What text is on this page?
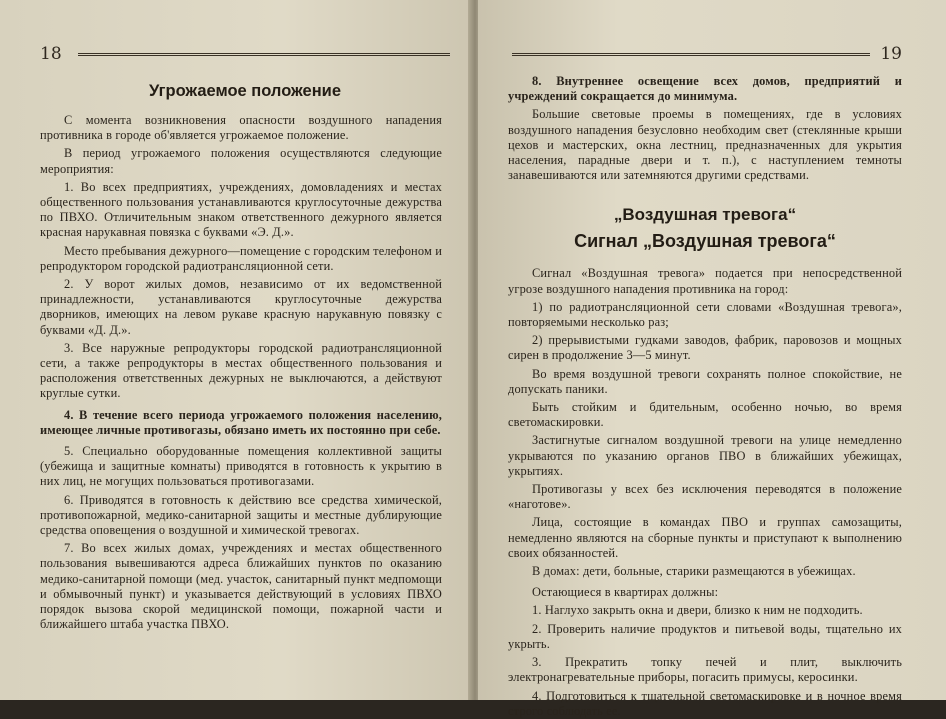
18
Угрожаемое положение

С момента возникновения опасности воздушного нападения противника в городе об'является угрожаемое положение.

В период угрожаемого положения осуществляются следующие мероприятия:

1. Во всех предприятиях, учреждениях, домовладениях и местах общественного пользования устанавливаются круглосуточные дежурства по ПВХО. Отличительным знаком ответственного дежурного является красная нарукавная повязка с буквами «Э. Д.».

Место пребывания дежурного—помещение с городским телефоном и репродуктором городской радиотрансляционной сети.

2. У ворот жилых домов, независимо от их ведомственной принадлежности, устанавливаются круглосуточные дежурства дворников, имеющих на левом рукаве красную нарукавную повязку с буквами «Д. Д.».

3. Все наружные репродукторы городской радиотрансляционной сети, а также репродукторы в местах общественного пользования и расположения ответственных дежурных не выключаются, а действуют круглые сутки.

4. В течение всего периода угрожаемого положения населению, имеющее личные противогазы, обязано иметь их постоянно при себе.

5. Специально оборудованные помещения коллективной защиты (убежища и защитные комнаты) приводятся в готовность к укрытию в них лиц, не могущих пользоваться противогазами.

6. Приводятся в готовность к действию все средства химической, противопожарной, медико-санитарной защиты и местные дублирующие средства оповещения о воздушной и химической тревогах.

7. Во всех жилых домах, учреждениях и местах общественного пользования вывешиваются адреса ближайших пунктов по оказанию медико-санитарной помощи (мед. участок, санитарный пункт медпомощи и обмывочный пункт) и указывается действующий в условиях ПВХО порядок вызова скорой медицинской помощи, пожарной части и ближайшего штаба участка ПВХО.

19

8. Внутреннее освещение всех домов, предприятий и учреждений сокращается до минимума.

Большие световые проемы в помещениях, где в условиях воздушного нападения безусловно необходим свет (стеклянные крыши цехов и мастерских, окна лестниц, предназначенных для укрытия населения, парадные двери и т. п.), с наступлением темноты занавешиваются или затемняются другими средствами.

„Воздушная тревога“
Сигнал „Воздушная тревога“

Сигнал «Воздушная тревога» подается при непосредственной угрозе воздушного нападения противника на город:

1) по радиотрансляционной сети словами «Воздушная тревога», повторяемыми несколько раз;

2) прерывистыми гудками заводов, фабрик, паровозов и мощных сирен в продолжение 3—5 минут.

Во время воздушной тревоги сохранять полное спокойствие, не допускать паники.

Быть стойким и бдительным, особенно ночью, во время светомаскировки.

Застигнутые сигналом воздушной тревоги на улице немедленно укрываются по указанию органов ПВО в ближайших убежищах, укрытиях.

Противогазы у всех без исключения переводятся в положение «наготове».

Лица, состоящие в командах ПВО и группах самозащиты, немедленно являются на сборные пункты и приступают к выполнению своих обязанностей.

В домах: дети, больные, старики размещаются в убежищах.

Остающиеся в квартирах должны:

1. Наглухо закрыть окна и двери, близко к ним не подходить.

2. Проверить наличие продуктов и питьевой воды, тщательно их укрыть.

3. Прекратить топку печей и плит, выключить электронагревательные приборы, погасить примусы, керосинки.

4. Подготовиться к тщательной светомаскировке и в ночное время строго соблюдать ее.
